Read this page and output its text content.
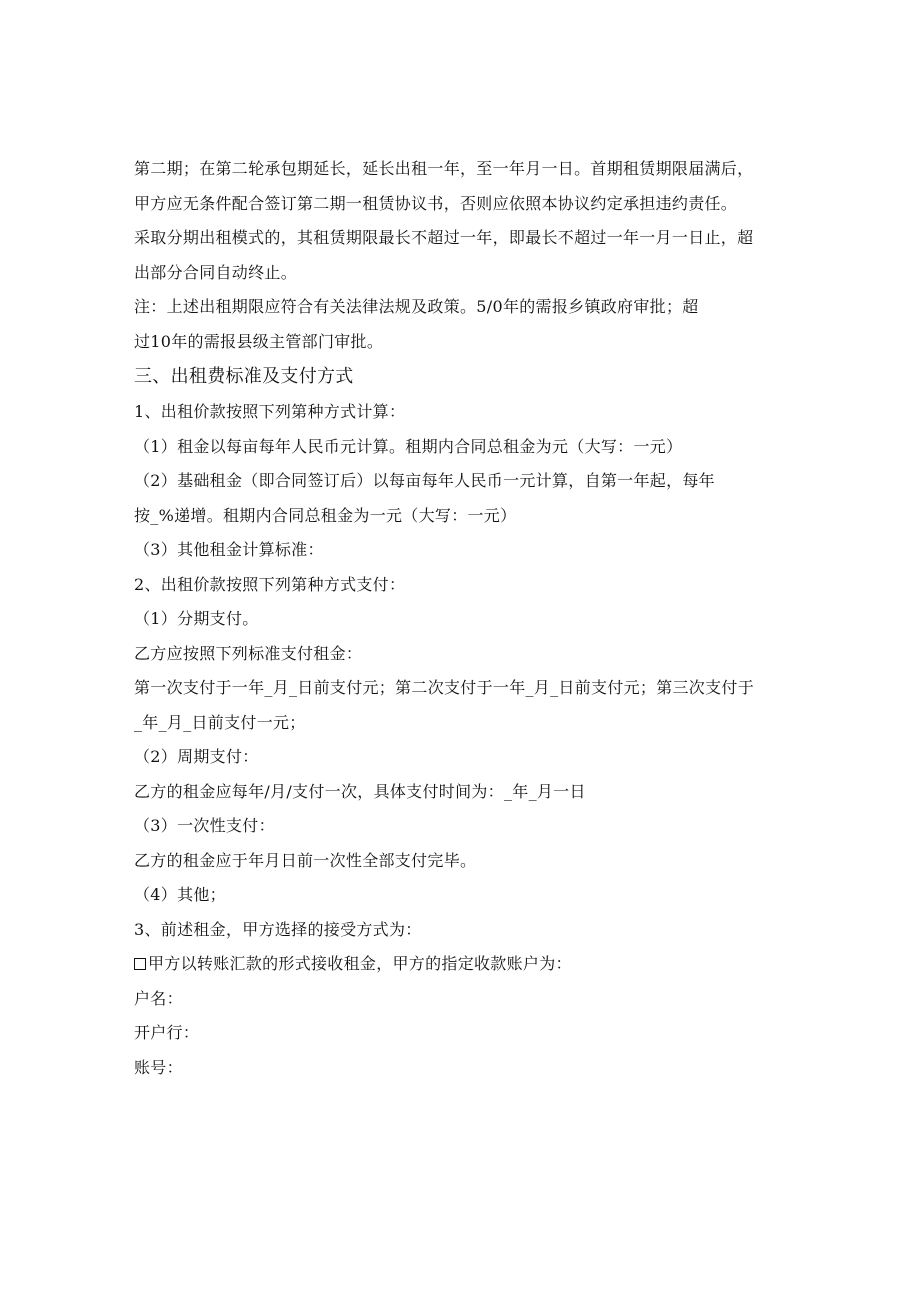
第二期；在第二轮承包期延长，延长出租一年，至一年月一日。首期租赁期限届满后，
甲方应无条件配合签订第二期一租赁协议书，否则应依照本协议约定承担违约责任。
采取分期出租模式的，其租赁期限最长不超过一年，即最长不超过一年一月一日止，超
出部分合同自动终止。
注：上述出租期限应符合有关法律法规及政策。5/0年的需报乡镇政府审批；超
过10年的需报县级主管部门审批。
三、出租费标准及支付方式
1、出租价款按照下列第种方式计算：
（1）租金以每亩每年人民币元计算。租期内合同总租金为元（大写：一元）
（2）基础租金（即合同签订后）以每亩每年人民币一元计算，自第一年起，每年
按_%递增。租期内合同总租金为一元（大写：一元）
（3）其他租金计算标准：
2、出租价款按照下列第种方式支付：
（1）分期支付。
乙方应按照下列标准支付租金：
第一次支付于一年_月_日前支付元；第二次支付于一年_月_日前支付元；第三次支付于
_年_月_日前支付一元；
（2）周期支付：
乙方的租金应每年/月/支付一次，具体支付时间为：_年_月一日
（3）一次性支付：
乙方的租金应于年月日前一次性全部支付完毕。
（4）其他；
3、前述租金，甲方选择的接受方式为：
甲方以转账汇款的形式接收租金，甲方的指定收款账户为：
户名：
开户行：
账号：
